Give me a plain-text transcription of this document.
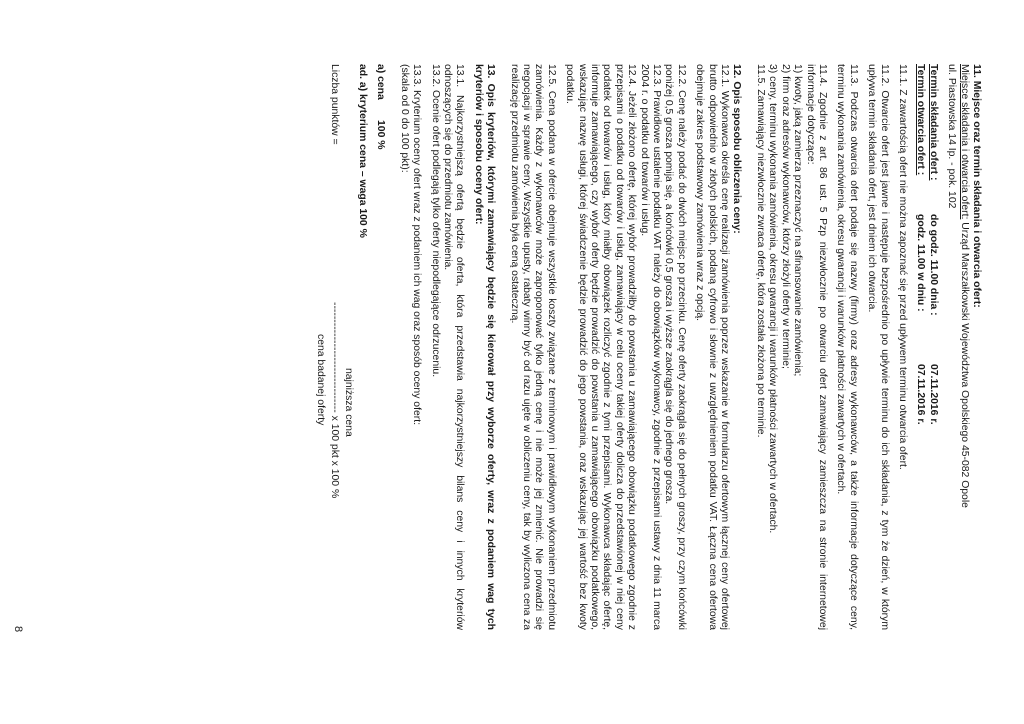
11. Miejsce oraz termin składania i otwarcia ofert:

Miejsce składania i otwarcia ofert: Urząd Marszałkowski Województwa Opolskiego 45-082 Opole

ul. Piastowska 14 Ip. - pok. 102

Termin składania ofert :
do godz. 11.00 dnia :
07.11.2016 r.
Termin otwarcia ofert :
godz. 11.00 w dniu :
07.11.2016 r.

11.1. Z zawartością ofert nie można zapoznać się przed upływem terminu otwarcia ofert.

11.2. Otwarcie ofert jest jawne i następuje bezpośrednio po upływie terminu do ich składania, z tym że dzień, w którym upływa termin składania ofert, jest dniem ich otwarcia.

11.3. Podczas otwarcia ofert podaje się nazwy (firmy) oraz adresy wykonawców, a także informacje dotyczące ceny, terminu wykonania zamówienia, okresu gwarancji i warunków płatności zawartych w ofertach.

11.4. Zgodnie z art. 86 ust. 5 Pzp niezwłocznie po otwarciu ofert zamawiający zamieszcza na stronie internetowej informacje dotyczące:

1) kwoty, jaką zamierza przeznaczyć na sfinansowanie zamówienia;

2) firm oraz adresów wykonawców, którzy złożyli oferty w terminie;

3) ceny, terminu wykonania zamówienia, okresu gwarancji i warunków płatności zawartych w ofertach.

11.5. Zamawiający niezwłocznie zwraca ofertę, która została złożona po terminie.

12. Opis sposobu obliczenia ceny:

12.1. Wykonawca określa cenę realizacji zamówienia poprzez wskazanie w formularzu ofertowym łącznej ceny ofertowej brutto odpowiednio w złotych polskich, podaną cyfrowo i słownie z uwzględnieniem podatku VAT. Łączna cena ofertowa obejmuje zakres podstawowy zamówienia wraz z opcją.

12.2. Cenę należy podać do dwóch miejsc po przecinku. Cenę oferty zaokrągla się do pełnych groszy, przy czym końcówki poniżej 0,5 grosza pomija się, a końcówki 0,5 grosza i wyższe zaokrągla się do jednego grosza.

12.3. Prawidłowe ustalenie podatku VAT należy do obowiązków wykonawcy, zgodnie z przepisami ustawy z dnia 11 marca 2004 r. o podatku od towarów i usług.

12.4. Jeżeli złożono ofertę, której wybór prowadziłby do powstania u zamawiającego obowiązku podatkowego zgodnie z przepisami o podatku od towarów i usług, zamawiający w celu oceny takiej oferty dolicza do przedstawionej w niej ceny podatek od towarów i usług, który miałby obowiązek rozliczyć zgodnie z tymi przepisami. Wykonawca składając ofertę, informuje zamawiającego, czy wybór oferty będzie prowadzić do powstania u zamawiającego obowiązku podatkowego, wskazując nazwę usługi, której świadczenie będzie prowadzić do jego powstania, oraz wskazując jej wartość bez kwoty podatku.

12.5. Cena podana w ofercie obejmuje wszystkie koszty związane z terminowym i prawidłowym wykonaniem przedmiotu zamówienia. Każdy z wykonawców może zaproponować tylko jedną cenę i nie może jej zmienić. Nie prowadzi się negocjacji w sprawie ceny. Wszystkie upusty, rabaty winny być od razu ujęte w obliczeniu ceny, tak by wyliczona cena za realizację przedmiotu zamówienia była ceną ostateczną.

13. Opis kryteriów, którymi zamawiający będzie się kierował przy wyborze oferty, wraz z podaniem wag tych kryteriów i sposobu oceny ofert:

13.1. Najkorzystniejszą ofertą będzie oferta, która przedstawia najkorzystniejszy bilans ceny i innych kryteriów odnoszących się do przedmiotu zamówienia.

13.2. Ocenie ofert podlegają tylko oferty niepodlegające odrzuceniu.

13.3. Kryterium oceny ofert wraz z podaniem ich wag oraz sposób oceny ofert:

(skala od 0 do 100 pkt):

a) cena       100 %

ad. a) kryterium cena – waga 100 %

najniższa cena
Liczba punktów =
-------------------------------- x 100 pkt x 100 %
cena badanej oferty
8
